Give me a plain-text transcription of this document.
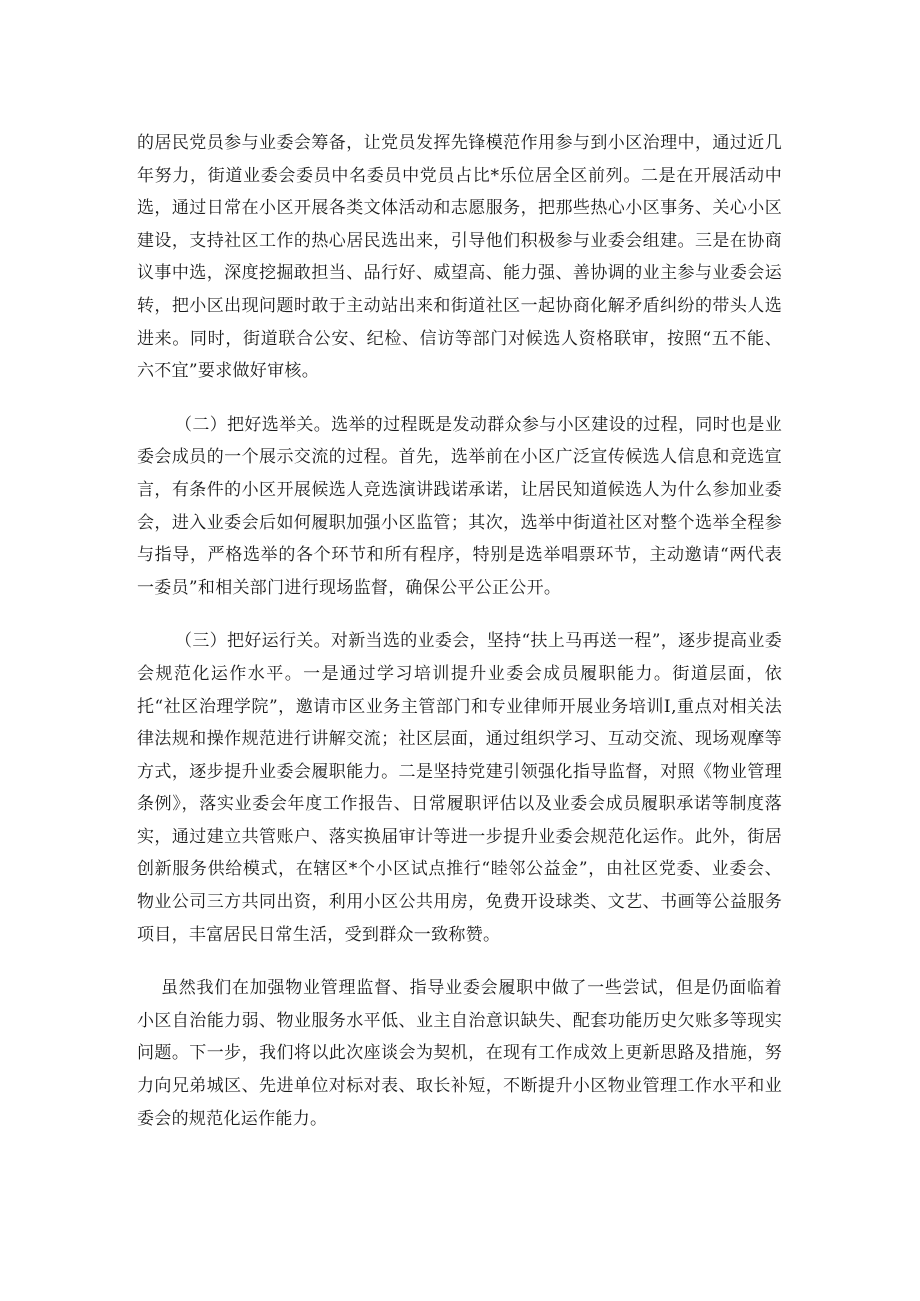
的居民党员参与业委会筹备，让党员发挥先锋模范作用参与到小区治理中，通过近几年努力，街道业委会委员中名委员中党员占比*乐位居全区前列。二是在开展活动中选，通过日常在小区开展各类文体活动和志愿服务，把那些热心小区事务、关心小区建设，支持社区工作的热心居民选出来，引导他们积极参与业委会组建。三是在协商议事中选，深度挖掘敢担当、品行好、威望高、能力强、善协调的业主参与业委会运转，把小区出现问题时敢于主动站出来和街道社区一起协商化解矛盾纠纷的带头人选进来。同时，街道联合公安、纪检、信访等部门对候选人资格联审，按照“五不能、六不宜”要求做好审核。

（二）把好选举关。选举的过程既是发动群众参与小区建设的过程，同时也是业委会成员的一个展示交流的过程。首先，选举前在小区广泛宣传候选人信息和竞选宣言，有条件的小区开展候选人竞选演讲践诺承诺，让居民知道候选人为什么参加业委会，进入业委会后如何履职加强小区监管；其次，选举中街道社区对整个选举全程参与指导，严格选举的各个环节和所有程序，特别是选举唱票环节，主动邀请“两代表一委员”和相关部门进行现场监督，确保公平公正公开。

（三）把好运行关。对新当选的业委会，坚持“扶上马再送一程”，逐步提高业委会规范化运作水平。一是通过学习培训提升业委会成员履职能力。街道层面，依托“社区治理学院”，邀请市区业务主管部门和专业律师开展业务培训Ⅰ,重点对相关法律法规和操作规范进行讲解交流；社区层面，通过组织学习、互动交流、现场观摩等方式，逐步提升业委会履职能力。二是坚持党建引领强化指导监督，对照《物业管理条例》，落实业委会年度工作报告、日常履职评估以及业委会成员履职承诺等制度落实，通过建立共管账户、落实换届审计等进一步提升业委会规范化运作。此外，街居创新服务供给模式，在辖区*个小区试点推行“睦邻公益金”，由社区党委、业委会、物业公司三方共同出资，利用小区公共用房，免费开设球类、文艺、书画等公益服务项目，丰富居民日常生活，受到群众一致称赞。

虽然我们在加强物业管理监督、指导业委会履职中做了一些尝试，但是仍面临着小区自治能力弱、物业服务水平低、业主自治意识缺失、配套功能历史欠账多等现实问题。下一步，我们将以此次座谈会为契机，在现有工作成效上更新思路及措施，努力向兄弟城区、先进单位对标对表、取长补短，不断提升小区物业管理工作水平和业委会的规范化运作能力。
